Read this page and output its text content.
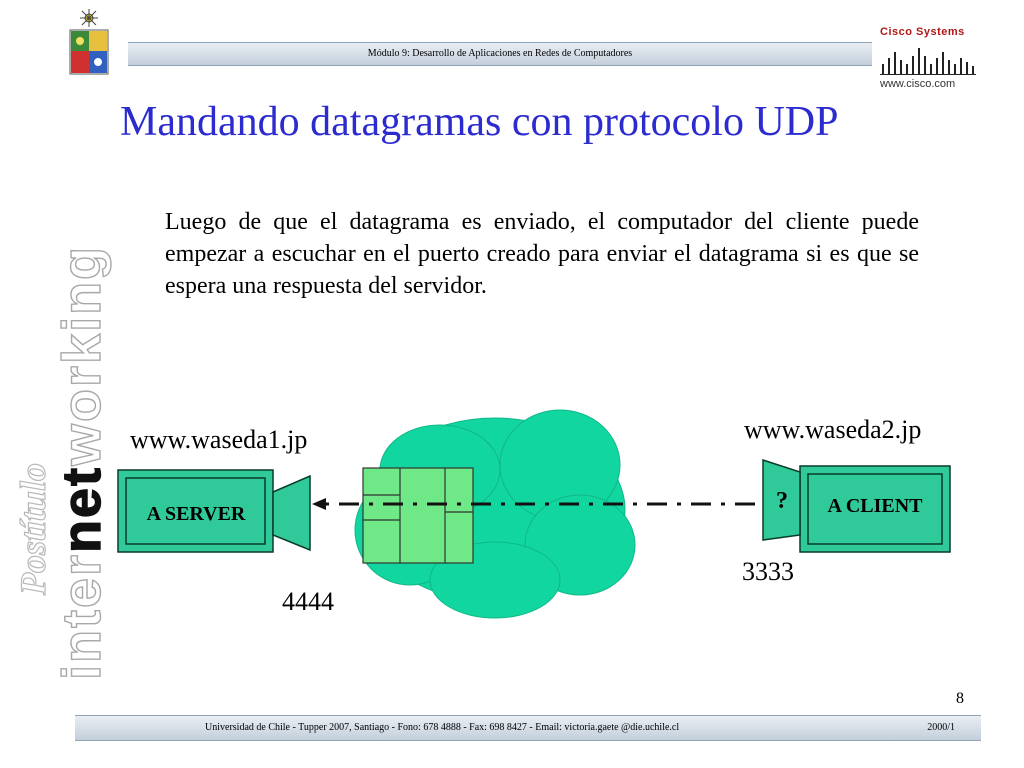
Módulo 9: Desarrollo de Aplicaciones en Redes de Computadores
Cisco Systems
www.cisco.com
Postítulo
internetworking
Mandando datagramas con protocolo UDP
Luego de que el datagrama es enviado, el computador del cliente puede empezar a escuchar en el puerto creado para enviar el datagrama si es que se espera una respuesta del servidor.
A SERVER	A CLIENT
?
www.waseda1.jp	www.waseda2.jp
4444
3333
8
Universidad de Chile - Tupper 2007, Santiago - Fono: 678 4888 - Fax: 698 8427 - Email: victoria.gaete @die.uchile.cl	2000/1
